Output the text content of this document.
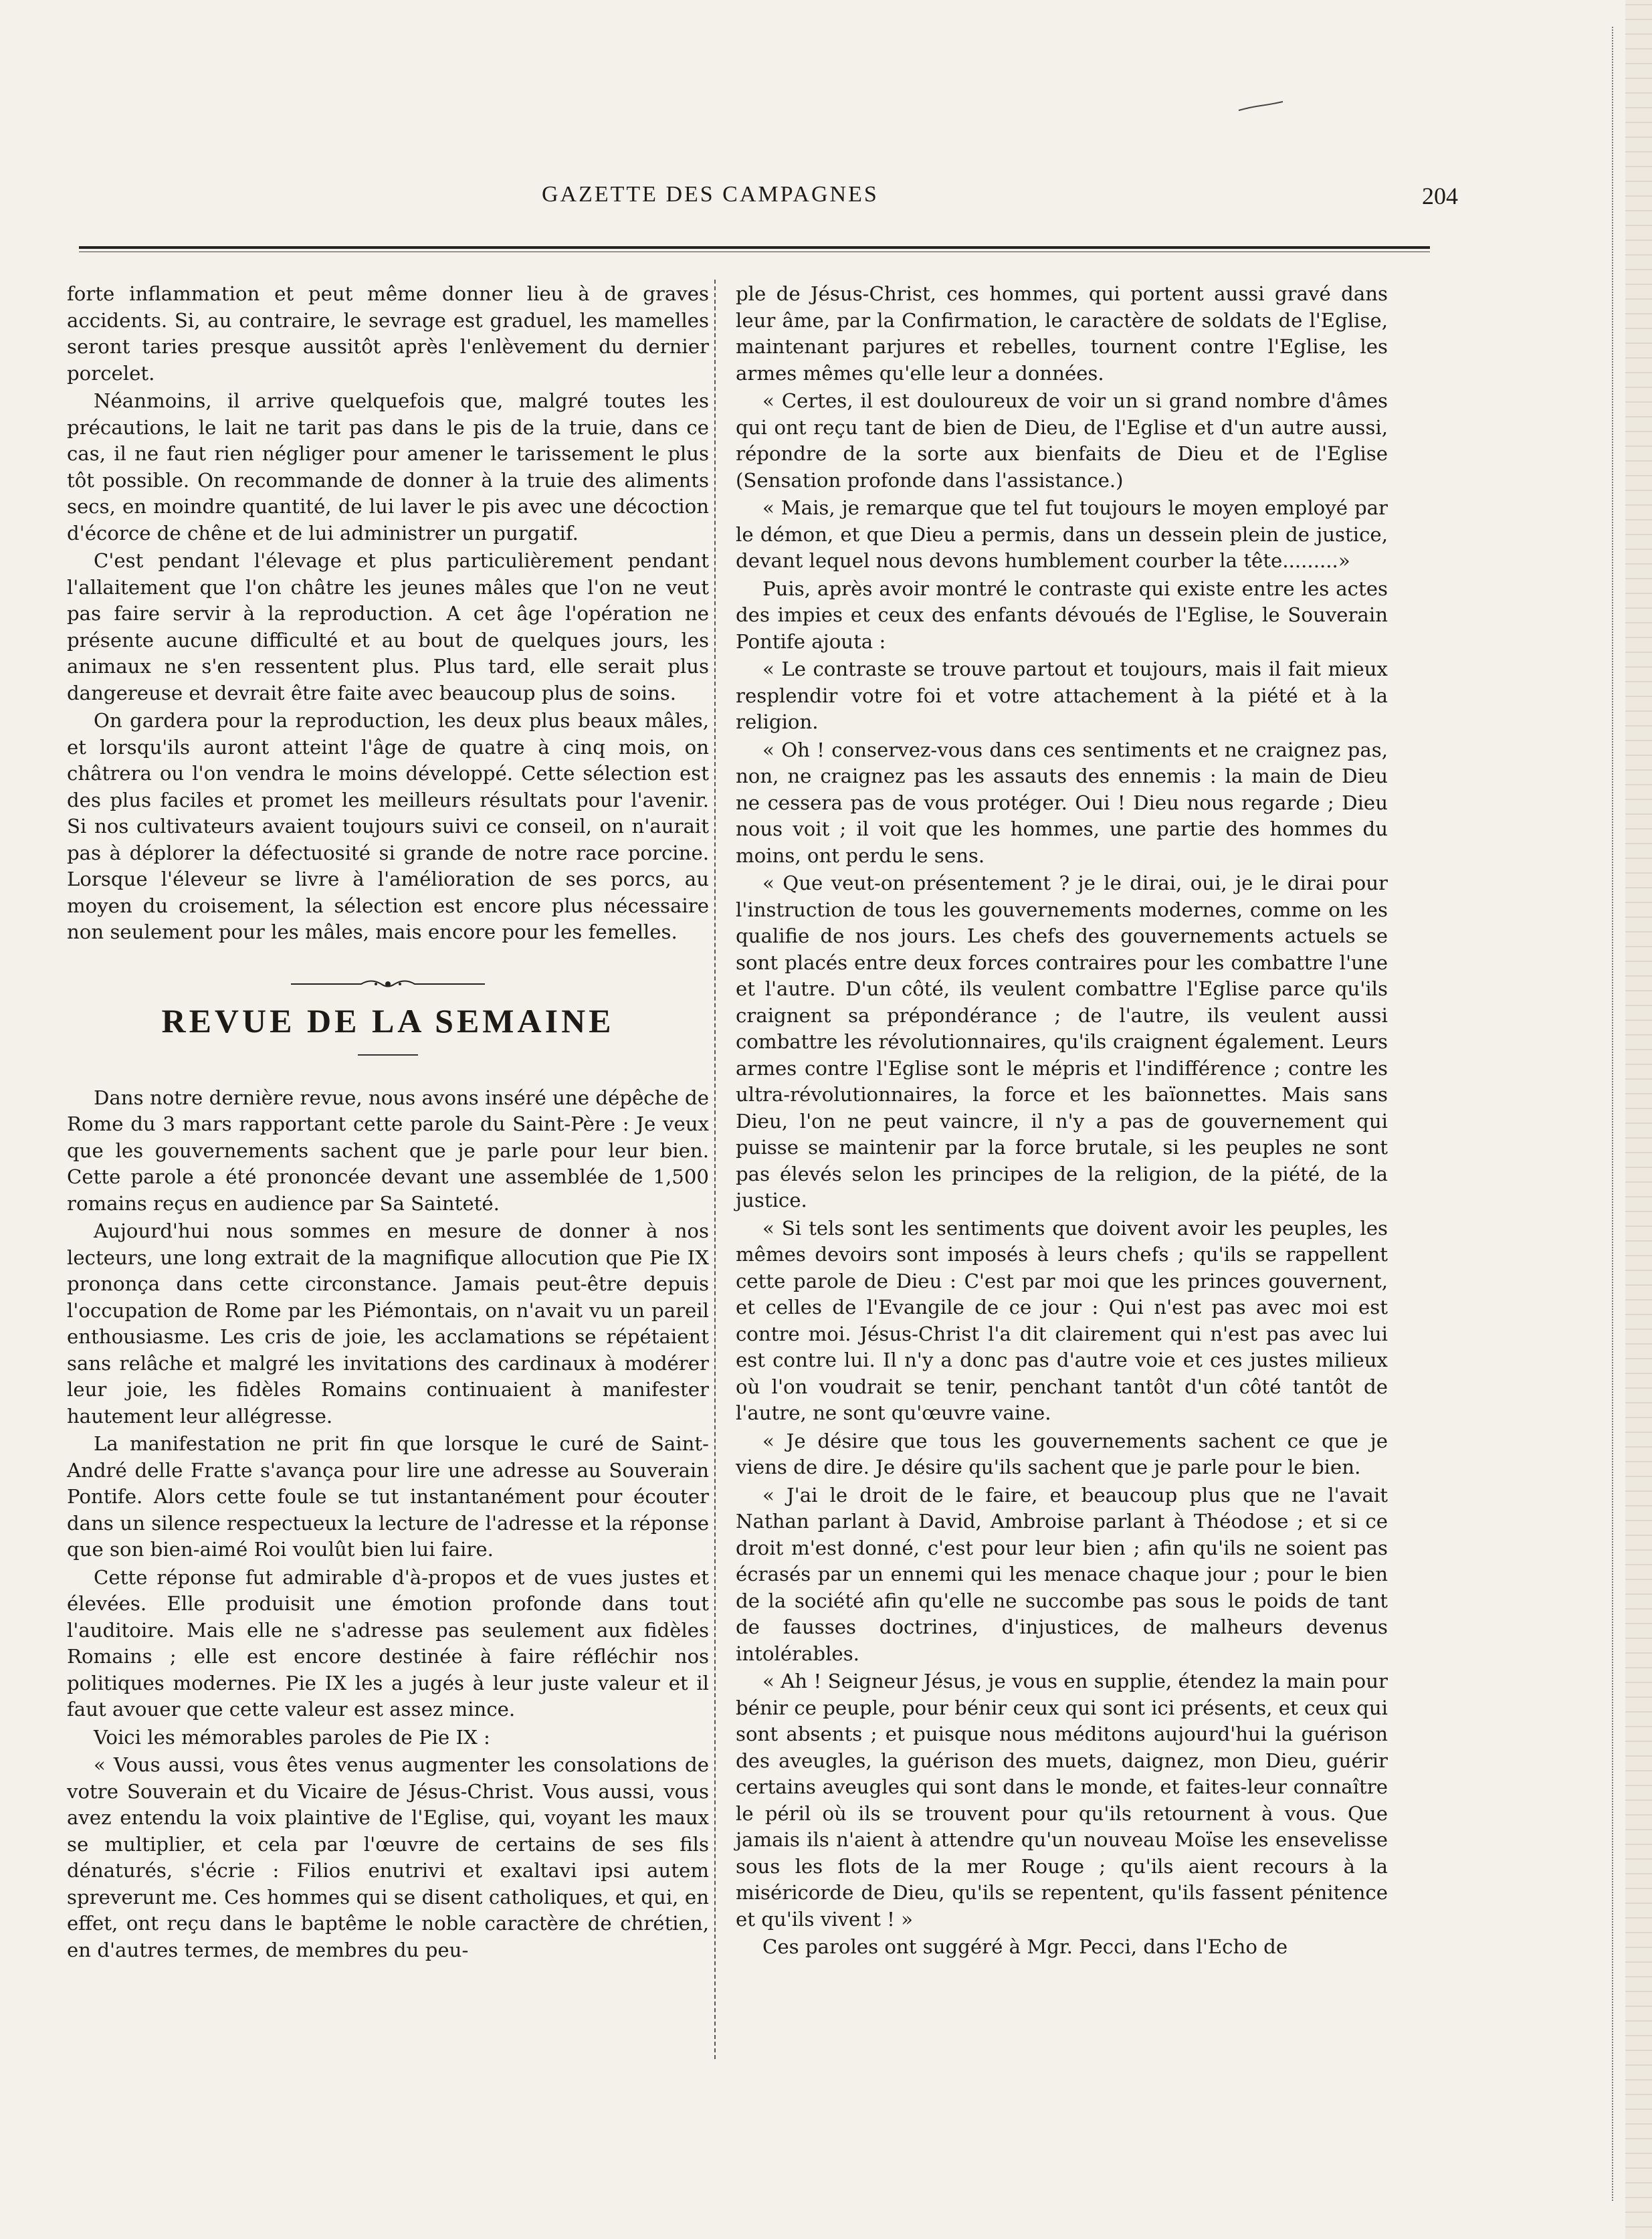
GAZETTE DES CAMPAGNES	204

forte inflammation et peut même donner lieu à de graves accidents. Si, au contraire, le sevrage est graduel, les mamelles seront taries presque aussitôt après l'enlèvement du dernier porcelet.

Néanmoins, il arrive quelquefois que, malgré toutes les précautions, le lait ne tarit pas dans le pis de la truie, dans ce cas, il ne faut rien négliger pour amener le tarissement le plus tôt possible. On recommande de donner à la truie des aliments secs, en moindre quantité, de lui laver le pis avec une décoction d'écorce de chêne et de lui administrer un purgatif.

C'est pendant l'élevage et plus particulièrement pendant l'allaitement que l'on châtre les jeunes mâles que l'on ne veut pas faire servir à la reproduction. A cet âge l'opération ne présente aucune difficulté et au bout de quelques jours, les animaux ne s'en ressentent plus. Plus tard, elle serait plus dangereuse et devrait être faite avec beaucoup plus de soins.

On gardera pour la reproduction, les deux plus beaux mâles, et lorsqu'ils auront atteint l'âge de quatre à cinq mois, on châtrera ou l'on vendra le moins développé. Cette sélection est des plus faciles et promet les meilleurs résultats pour l'avenir. Si nos cultivateurs avaient toujours suivi ce conseil, on n'aurait pas à déplorer la défectuosité si grande de notre race porcine. Lorsque l'éleveur se livre à l'amélioration de ses porcs, au moyen du croisement, la sélection est encore plus nécessaire non seulement pour les mâles, mais encore pour les femelles.

REVUE DE LA SEMAINE

Dans notre dernière revue, nous avons inséré une dépêche de Rome du 3 mars rapportant cette parole du Saint-Père : Je veux que les gouvernements sachent que je parle pour leur bien. Cette parole a été prononcée devant une assemblée de 1,500 romains reçus en audience par Sa Sainteté.

Aujourd'hui nous sommes en mesure de donner à nos lecteurs, une long extrait de la magnifique allocution que Pie IX prononça dans cette circonstance. Jamais peut-être depuis l'occupation de Rome par les Piémontais, on n'avait vu un pareil enthousiasme. Les cris de joie, les acclamations se répétaient sans relâche et malgré les invitations des cardinaux à modérer leur joie, les fidèles Romains continuaient à manifester hautement leur allégresse.

La manifestation ne prit fin que lorsque le curé de Saint-André delle Fratte s'avança pour lire une adresse au Souverain Pontife. Alors cette foule se tut instantanément pour écouter dans un silence respectueux la lecture de l'adresse et la réponse que son bien-aimé Roi voulût bien lui faire.

Cette réponse fut admirable d'à-propos et de vues justes et élevées. Elle produisit une émotion profonde dans tout l'auditoire. Mais elle ne s'adresse pas seulement aux fidèles Romains ; elle est encore destinée à faire réfléchir nos politiques modernes. Pie IX les a jugés à leur juste valeur et il faut avouer que cette valeur est assez mince.

Voici les mémorables paroles de Pie IX :

« Vous aussi, vous êtes venus augmenter les consolations de votre Souverain et du Vicaire de Jésus-Christ. Vous aussi, vous avez entendu la voix plaintive de l'Eglise, qui, voyant les maux se multiplier, et cela par l'œuvre de certains de ses fils dénaturés, s'écrie : Filios enutrivi et exaltavi ipsi autem spreverunt me. Ces hommes qui se disent catholiques, et qui, en effet, ont reçu dans le baptême le noble caractère de chrétien, en d'autres termes, de membres du peu-

ple de Jésus-Christ, ces hommes, qui portent aussi gravé dans leur âme, par la Confirmation, le caractère de soldats de l'Eglise, maintenant parjures et rebelles, tournent contre l'Eglise, les armes mêmes qu'elle leur a données.

« Certes, il est douloureux de voir un si grand nombre d'âmes qui ont reçu tant de bien de Dieu, de l'Eglise et d'un autre aussi, répondre de la sorte aux bienfaits de Dieu et de l'Eglise (Sensation profonde dans l'assistance.)

« Mais, je remarque que tel fut toujours le moyen employé par le démon, et que Dieu a permis, dans un dessein plein de justice, devant lequel nous devons humblement courber la tête.........»

Puis, après avoir montré le contraste qui existe entre les actes des impies et ceux des enfants dévoués de l'Eglise, le Souverain Pontife ajouta :

« Le contraste se trouve partout et toujours, mais il fait mieux resplendir votre foi et votre attachement à la piété et à la religion.

« Oh ! conservez-vous dans ces sentiments et ne craignez pas, non, ne craignez pas les assauts des ennemis : la main de Dieu ne cessera pas de vous protéger. Oui ! Dieu nous regarde ; Dieu nous voit ; il voit que les hommes, une partie des hommes du moins, ont perdu le sens.

« Que veut-on présentement ? je le dirai, oui, je le dirai pour l'instruction de tous les gouvernements modernes, comme on les qualifie de nos jours. Les chefs des gouvernements actuels se sont placés entre deux forces contraires pour les combattre l'une et l'autre. D'un côté, ils veulent combattre l'Eglise parce qu'ils craignent sa prépondérance ; de l'autre, ils veulent aussi combattre les révolutionnaires, qu'ils craignent également. Leurs armes contre l'Eglise sont le mépris et l'indifférence ; contre les ultra-révolutionnaires, la force et les baïonnettes. Mais sans Dieu, l'on ne peut vaincre, il n'y a pas de gouvernement qui puisse se maintenir par la force brutale, si les peuples ne sont pas élevés selon les principes de la religion, de la piété, de la justice.

« Si tels sont les sentiments que doivent avoir les peuples, les mêmes devoirs sont imposés à leurs chefs ; qu'ils se rappellent cette parole de Dieu : C'est par moi que les princes gouvernent, et celles de l'Evangile de ce jour : Qui n'est pas avec moi est contre moi. Jésus-Christ l'a dit clairement qui n'est pas avec lui est contre lui. Il n'y a donc pas d'autre voie et ces justes milieux où l'on voudrait se tenir, penchant tantôt d'un côté tantôt de l'autre, ne sont qu'œuvre vaine.

« Je désire que tous les gouvernements sachent ce que je viens de dire. Je désire qu'ils sachent que je parle pour le bien.

« J'ai le droit de le faire, et beaucoup plus que ne l'avait Nathan parlant à David, Ambroise parlant à Théodose ; et si ce droit m'est donné, c'est pour leur bien ; afin qu'ils ne soient pas écrasés par un ennemi qui les menace chaque jour ; pour le bien de la société afin qu'elle ne succombe pas sous le poids de tant de fausses doctrines, d'injustices, de malheurs devenus intolérables.

« Ah ! Seigneur Jésus, je vous en supplie, étendez la main pour bénir ce peuple, pour bénir ceux qui sont ici présents, et ceux qui sont absents ; et puisque nous méditons aujourd'hui la guérison des aveugles, la guérison des muets, daignez, mon Dieu, guérir certains aveugles qui sont dans le monde, et faites-leur connaître le péril où ils se trouvent pour qu'ils retournent à vous. Que jamais ils n'aient à attendre qu'un nouveau Moïse les ensevelisse sous les flots de la mer Rouge ; qu'ils aient recours à la miséricorde de Dieu, qu'ils se repentent, qu'ils fassent pénitence et qu'ils vivent ! »

Ces paroles ont suggéré à Mgr. Pecci, dans l'Echo de
